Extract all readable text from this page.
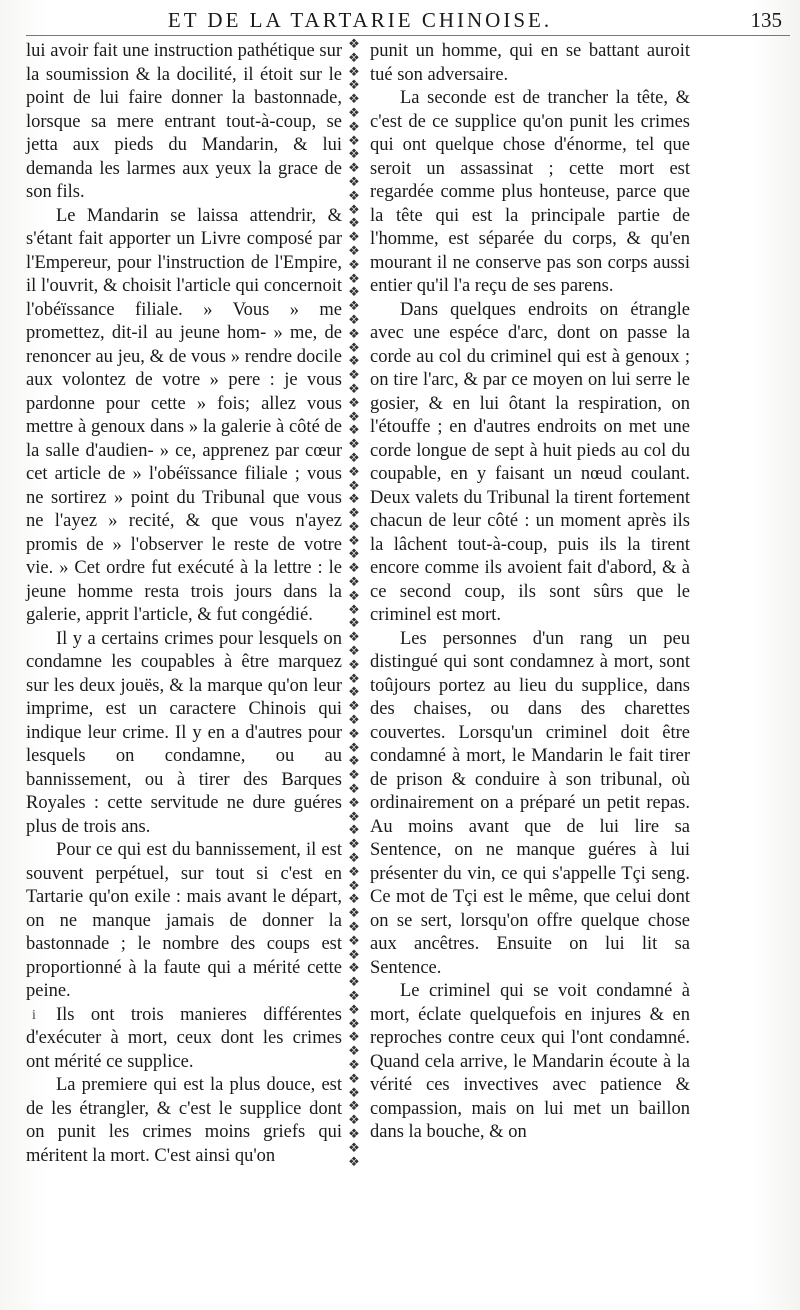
ET DE LA TARTARIE CHINOISE.	135

lui avoir fait une instruction pathétique sur la soumission & la docilité, il étoit sur le point de lui faire donner la bastonnade, lorsque sa mere entrant tout-à-coup, se jetta aux pieds du Mandarin, & lui demanda les larmes aux yeux la grace de son fils.

Le Mandarin se laissa attendrir, & s'étant fait apporter un Livre composé par l'Empereur, pour l'instruction de l'Empire, il l'ouvrit, & choisit l'article qui concernoit l'obéïssance filiale. » Vous » me promettez, dit-il au jeune hom- » me, de renoncer au jeu, & de vous » rendre docile aux volontez de votre » pere : je vous pardonne pour cette » fois; allez vous mettre à genoux dans » la galerie à côté de la salle d'audien- » ce, apprenez par cœur cet article de » l'obéïssance filiale ; vous ne sortirez » point du Tribunal que vous ne l'ayez » recité, & que vous n'ayez promis de » l'observer le reste de votre vie. » Cet ordre fut exécuté à la lettre : le jeune homme resta trois jours dans la galerie, apprit l'article, & fut congédié.

Il y a certains crimes pour lesquels on condamne les coupables à être marquez sur les deux jouës, & la marque qu'on leur imprime, est un caractere Chinois qui indique leur crime. Il y en a d'autres pour lesquels on condamne, ou au bannissement, ou à tirer des Barques Royales : cette servitude ne dure guéres plus de trois ans.

Pour ce qui est du bannissement, il est souvent perpétuel, sur tout si c'est en Tartarie qu'on exile : mais avant le départ, on ne manque jamais de donner la bastonnade ; le nombre des coups est proportionné à la faute qui a mérité cette peine.

i Ils ont trois manieres différentes d'exécuter à mort, ceux dont les crimes ont mérité ce supplice.

La premiere qui est la plus douce, est de les étrangler, & c'est le supplice dont on punit les crimes moins griefs qui méritent la mort. C'est ainsi qu'on

❖
❖
❖
❖
❖
❖
❖
❖
❖
❖
❖
❖
❖
❖
❖
❖
❖
❖
❖
❖
❖
❖
❖
❖
❖
❖
❖
❖
❖
❖
❖
❖
❖
❖
❖
❖
❖
❖
❖
❖
❖
❖
❖
❖
❖
❖
❖
❖
❖
❖
❖
❖
❖
❖
❖
❖
❖
❖
❖
❖
❖
❖
❖
❖
❖
❖
❖
❖
❖
❖
❖
❖
❖
❖
❖
❖
❖
❖
❖
❖
❖
❖

punit un homme, qui en se battant auroit tué son adversaire.

La seconde est de trancher la tête, & c'est de ce supplice qu'on punit les crimes qui ont quelque chose d'énorme, tel que seroit un assassinat ; cette mort est regardée comme plus honteuse, parce que la tête qui est la principale partie de l'homme, est séparée du corps, & qu'en mourant il ne conserve pas son corps aussi entier qu'il l'a reçu de ses parens.

Dans quelques endroits on étrangle avec une espéce d'arc, dont on passe la corde au col du criminel qui est à genoux ; on tire l'arc, & par ce moyen on lui serre le gosier, & en lui ôtant la respiration, on l'étouffe ; en d'autres endroits on met une corde longue de sept à huit pieds au col du coupable, en y faisant un nœud coulant. Deux valets du Tribunal la tirent fortement chacun de leur côté : un moment après ils la lâchent tout-à-coup, puis ils la tirent encore comme ils avoient fait d'abord, & à ce second coup, ils sont sûrs que le criminel est mort.

Les personnes d'un rang un peu distingué qui sont condamnez à mort, sont toûjours portez au lieu du supplice, dans des chaises, ou dans des charettes couvertes. Lorsqu'un criminel doit être condamné à mort, le Mandarin le fait tirer de prison & conduire à son tribunal, où ordinairement on a préparé un petit repas. Au moins avant que de lui lire sa Sentence, on ne manque guéres à lui présenter du vin, ce qui s'appelle Tçi seng. Ce mot de Tçi est le même, que celui dont on se sert, lorsqu'on offre quelque chose aux ancêtres. Ensuite on lui lit sa Sentence.

Le criminel qui se voit condamné à mort, éclate quelquefois en injures & en reproches contre ceux qui l'ont condamné. Quand cela arrive, le Mandarin écoute à la vérité ces invectives avec patience & compassion, mais on lui met un baillon dans la bouche, & on
